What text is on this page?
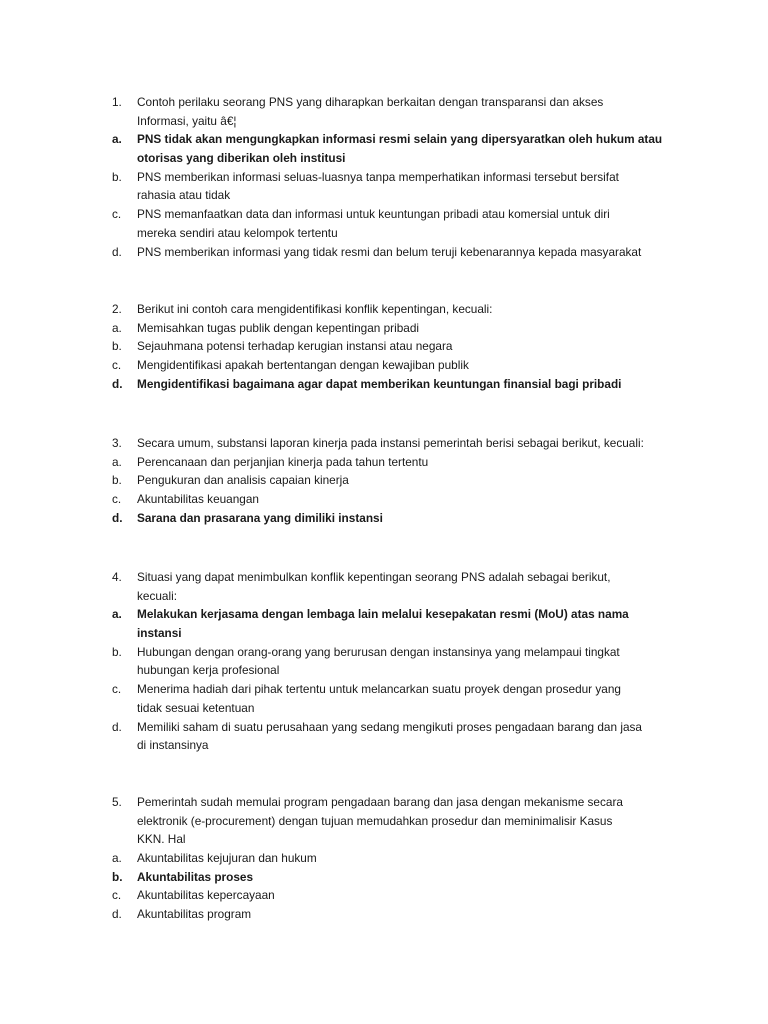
1. Contoh perilaku seorang PNS yang diharapkan berkaitan dengan transparansi dan akses
Informasi, yaitu â€¦
a. PNS tidak akan mengungkapkan informasi resmi selain yang dipersyaratkan oleh hukum atau
otorisas yang diberikan oleh institusi
b. PNS memberikan informasi seluas-luasnya tanpa memperhatikan informasi tersebut bersifat
rahasia atau tidak
c. PNS memanfaatkan data dan informasi untuk keuntungan pribadi atau komersial untuk diri
mereka sendiri atau kelompok tertentu
d. PNS memberikan informasi yang tidak resmi dan belum teruji kebenarannya kepada masyarakat
2. Berikut ini contoh cara mengidentifikasi konflik kepentingan, kecuali:
a. Memisahkan tugas publik dengan kepentingan pribadi
b. Sejauhmana potensi terhadap kerugian instansi atau negara
c. Mengidentifikasi apakah bertentangan dengan kewajiban publik
d. Mengidentifikasi bagaimana agar dapat memberikan keuntungan finansial bagi pribadi
3. Secara umum, substansi laporan kinerja pada instansi pemerintah berisi sebagai berikut, kecuali:
a. Perencanaan dan perjanjian kinerja pada tahun tertentu
b. Pengukuran dan analisis capaian kinerja
c. Akuntabilitas keuangan
d. Sarana dan prasarana yang dimiliki instansi
4. Situasi yang dapat menimbulkan konflik kepentingan seorang PNS adalah sebagai berikut,
kecuali:
a. Melakukan kerjasama dengan lembaga lain melalui kesepakatan resmi (MoU) atas nama
instansi
b. Hubungan dengan orang-orang yang berurusan dengan instansinya yang melampaui tingkat
hubungan kerja profesional
c. Menerima hadiah dari pihak tertentu untuk melancarkan suatu proyek dengan prosedur yang
tidak sesuai ketentuan
d. Memiliki saham di suatu perusahaan yang sedang mengikuti proses pengadaan barang dan jasa
di instansinya
5. Pemerintah sudah memulai program pengadaan barang dan jasa dengan mekanisme secara
elektronik (e-procurement) dengan tujuan memudahkan prosedur dan meminimalisir Kasus
KKN. Hal
a. Akuntabilitas kejujuran dan hukum
b. Akuntabilitas proses
c. Akuntabilitas kepercayaan
d. Akuntabilitas program
